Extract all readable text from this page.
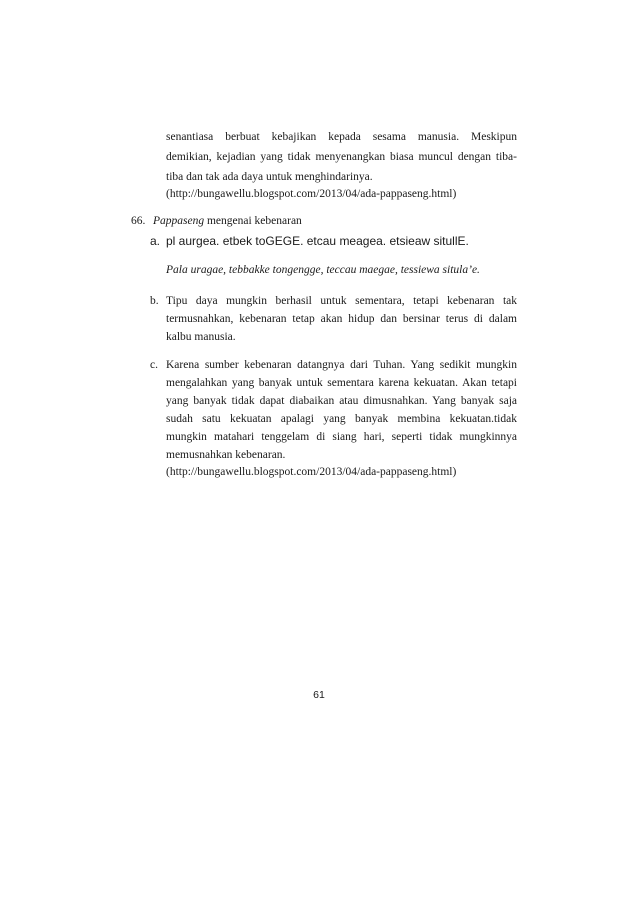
senantiasa berbuat kebajikan kepada sesama manusia. Meskipun
demikian, kejadian yang tidak menyenangkan biasa muncul dengan tiba-
tiba dan tak ada daya untuk menghindarinya.
(http://bungawellu.blogspot.com/2013/04/ada-pappaseng.html)
66. Pappaseng mengenai kebenaran
a. pl aurgea. etbek toGEGE. etcau meagea. etsieaw situllE.
Pala uragae, tebbakke tongengge, teccau maegae, tessiewa situla’e.
b. Tipu daya mungkin berhasil untuk sementara, tetapi kebenaran tak
termusnahkan, kebenaran tetap akan hidup dan bersinar terus di dalam
kalbu manusia.
c. Karena sumber kebenaran datangnya dari Tuhan. Yang sedikit mungkin
mengalahkan yang banyak untuk sementara karena kekuatan. Akan tetapi
yang banyak tidak dapat diabaikan atau dimusnahkan. Yang banyak saja
sudah satu kekuatan apalagi yang banyak membina kekuatan.tidak
mungkin matahari tenggelam di siang hari, seperti tidak mungkinnya
memusnahkan kebenaran.
(http://bungawellu.blogspot.com/2013/04/ada-pappaseng.html)
61
